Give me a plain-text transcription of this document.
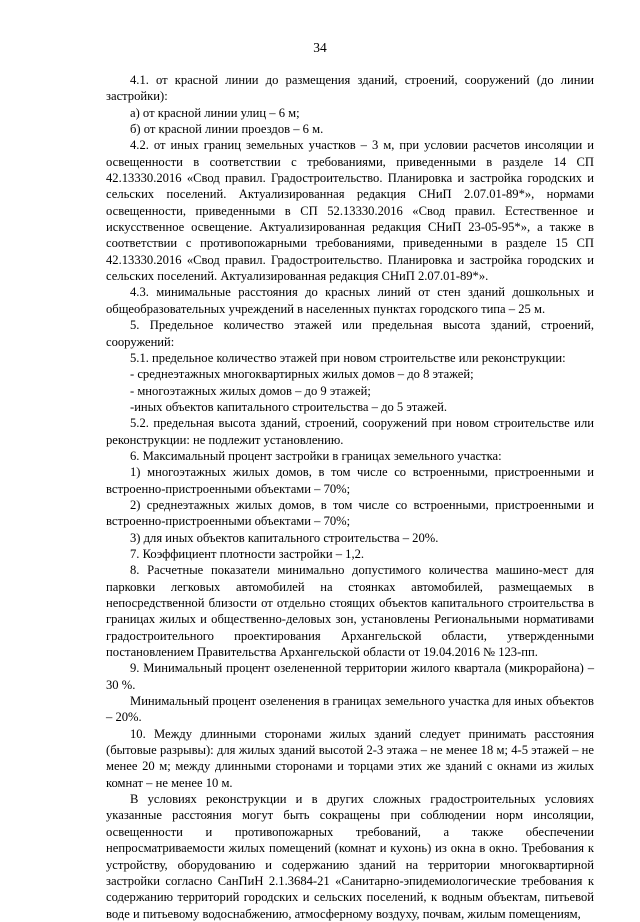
34

4.1. от красной линии до размещения зданий, строений, сооружений (до линии застройки):

а) от красной линии улиц – 6 м;

б) от красной линии проездов – 6 м.

4.2. от иных границ земельных участков – 3 м, при условии расчетов инсоляции и освещенности в соответствии с требованиями, приведенными в разделе 14 СП 42.13330.2016 «Свод правил. Градостроительство. Планировка и застройка городских и сельских поселений. Актуализированная редакция СНиП 2.07.01-89*», нормами освещенности, приведенными в СП 52.13330.2016 «Свод правил. Естественное и искусственное освещение. Актуализированная редакция СНиП 23-05-95*», а также в соответствии с противопожарными требованиями, приведенными в разделе 15 СП 42.13330.2016 «Свод правил. Градостроительство. Планировка и застройка городских и сельских поселений. Актуализированная редакция СНиП 2.07.01-89*».

4.3. минимальные расстояния до красных линий от стен зданий дошкольных и общеобразовательных учреждений в населенных пунктах городского типа – 25 м.

5. Предельное количество этажей или предельная высота зданий, строений, сооружений:

5.1. предельное количество этажей при новом строительстве или реконструкции:

- среднеэтажных многоквартирных жилых домов – до 8 этажей;

- многоэтажных жилых домов – до 9 этажей;

-иных объектов капитального строительства – до 5 этажей.

5.2. предельная высота зданий, строений, сооружений при новом строительстве или реконструкции: не подлежит установлению.

6. Максимальный процент застройки в границах земельного участка:

1) многоэтажных жилых домов, в том числе со встроенными, пристроенными и встроенно-пристроенными объектами – 70%;

2) среднеэтажных жилых домов, в том числе со встроенными, пристроенными и встроенно-пристроенными объектами – 70%;

3) для иных объектов капитального строительства – 20%.

7. Коэффициент плотности застройки – 1,2.

8. Расчетные показатели минимально допустимого количества машино-мест для парковки легковых автомобилей на стоянках автомобилей, размещаемых в непосредственной близости от отдельно стоящих объектов капитального строительства в границах жилых и общественно-деловых зон, установлены Региональными нормативами градостроительного проектирования Архангельской области, утвержденными постановлением Правительства Архангельской области от 19.04.2016 № 123-пп.

9. Минимальный процент озелененной территории жилого квартала (микрорайона) – 30 %.

Минимальный процент озеленения в границах земельного участка для иных объектов – 20%.

10. Между длинными сторонами жилых зданий следует принимать расстояния (бытовые разрывы): для жилых зданий высотой 2-3 этажа – не менее 18 м; 4-5 этажей – не менее 20 м; между длинными сторонами и торцами этих же зданий с окнами из жилых комнат – не менее 10 м.

В условиях реконструкции и в других сложных градостроительных условиях указанные расстояния могут быть сокращены при соблюдении норм инсоляции, освещенности и противопожарных требований, а также обеспечении непросматриваемости жилых помещений (комнат и кухонь) из окна в окно. Требования к устройству, оборудованию и содержанию зданий на территории многоквартирной застройки согласно СанПиН 2.1.3684-21 «Санитарно-эпидемиологические требования к содержанию территорий городских и сельских поселений, к водным объектам, питьевой воде и питьевому водоснабжению, атмосферному воздуху, почвам, жилым помещениям,
